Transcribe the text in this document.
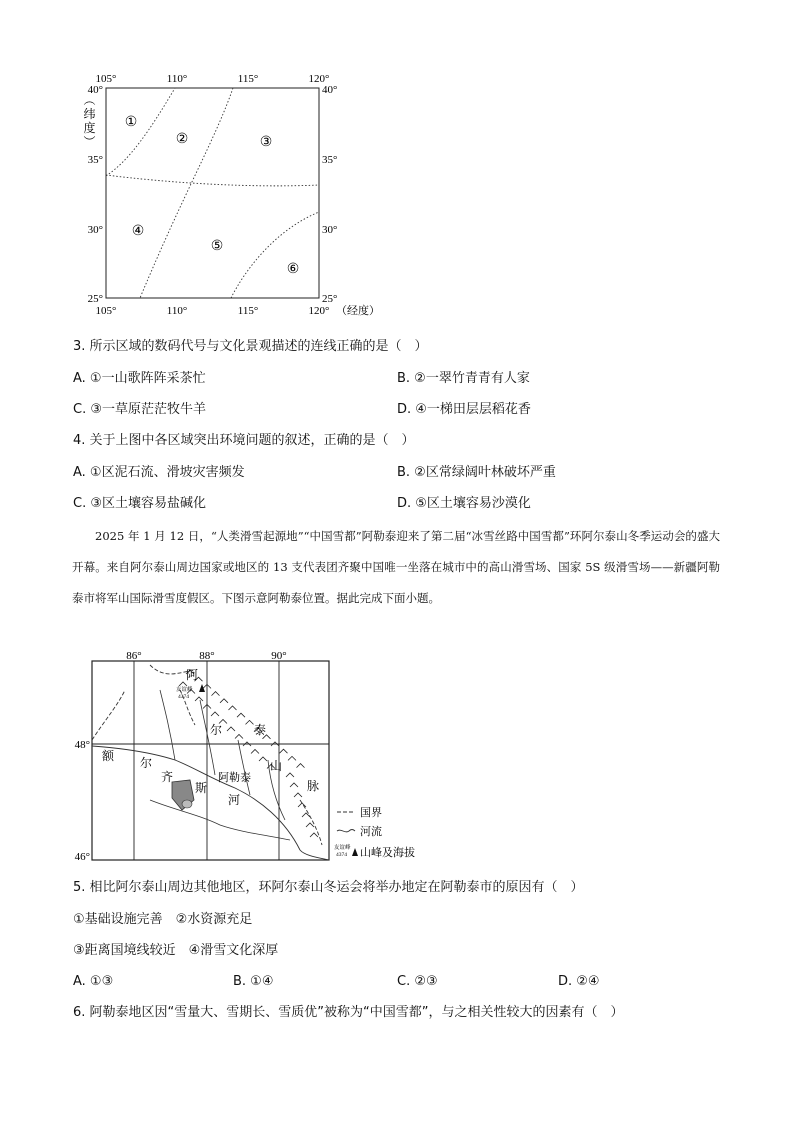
105°	110°	115°	120°
105°	110°	115°	120° （经度）
40°
35°
30°
25°
40°
35°
30°
25°
︵纬度︶
①
②	③
④
⑤
⑥
3. 所示区域的数码代号与文化景观描述的连线正确的是（　）
A. ①一山歌阵阵采茶忙	B. ②一翠竹青青有人家
C. ③一草原茫茫牧牛羊	D. ④一梯田层层稻花香
4. 关于上图中各区域突出环境问题的叙述，正确的是（　）
A. ①区泥石流、滑坡灾害频发	B. ②区常绿阔叶林破坏严重
C. ③区土壤容易盐碱化	D. ⑤区土壤容易沙漠化

2025 年 1 月 12 日，“人类滑雪起源地”“中国雪都”阿勒泰迎来了第二届“冰雪丝路中国雪都”环阿尔泰山冬季运动会的盛大开幕。来自阿尔泰山周边国家或地区的 13 支代表团齐聚中国唯一坐落在城市中的高山滑雪场、国家 5S 级滑雪场——新疆阿勒泰市将军山国际滑雪度假区。下图示意阿勒泰位置。据此完成下面小题。

86°	88°	90°
48°
46°
阿
尔	泰
山
脉
额 尔
齐
斯
河
阿勒泰
友谊峰
4374
国界
河流
友谊峰
4374 山峰及海拔
5. 相比阿尔泰山周边其他地区，环阿尔泰山冬运会将举办地定在阿勒泰市的原因有（　）
①基础设施完善　②水资源充足
③距离国境线较近　④滑雪文化深厚
A. ①③	B. ①④	C. ②③	D. ②④
6. 阿勒泰地区因“雪量大、雪期长、雪质优”被称为“中国雪都”，与之相关性较大的因素有（　）
